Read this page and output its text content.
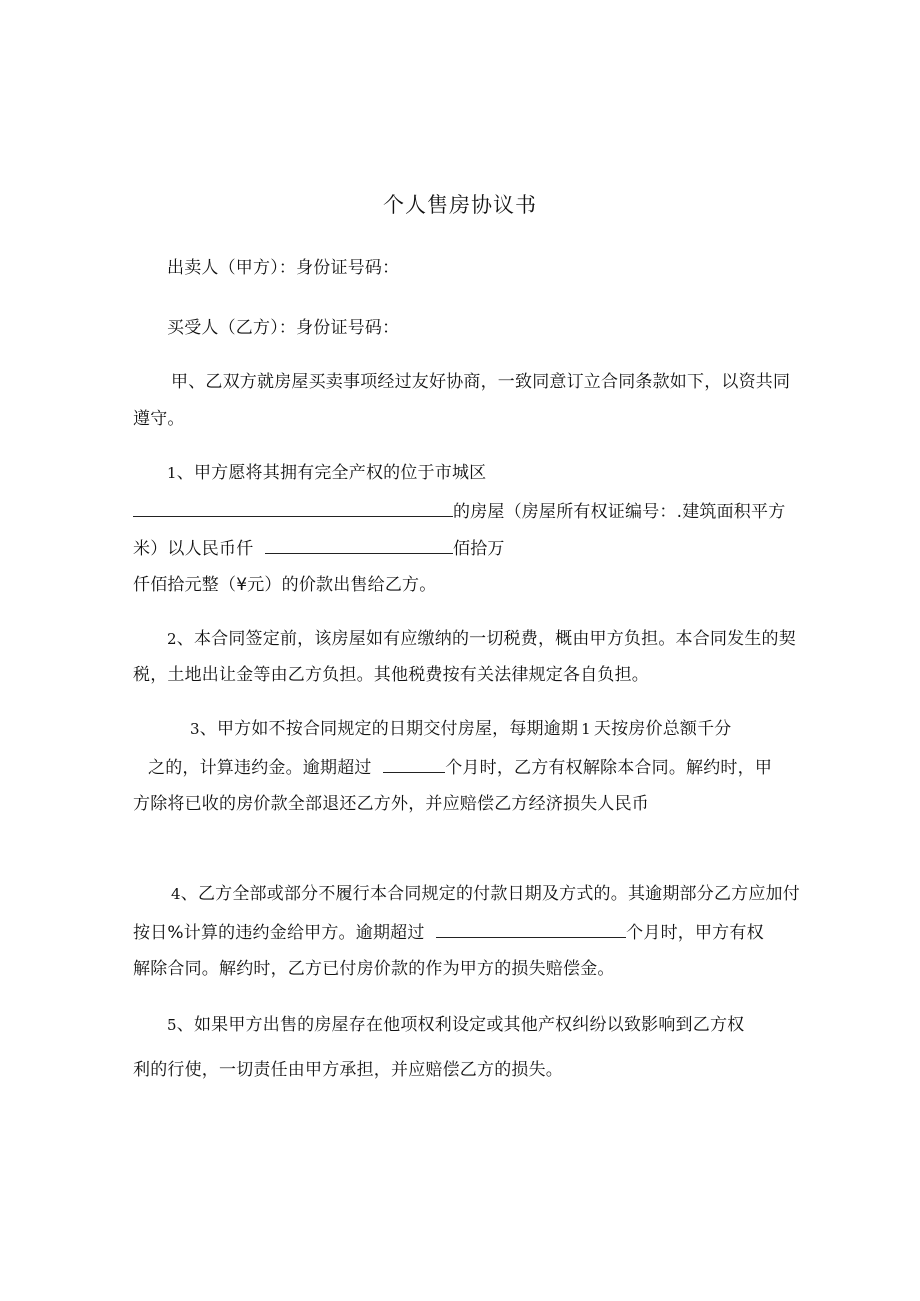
个人售房协议书
出卖人（甲方）：身份证号码：
买受人（乙方）：身份证号码：
甲、乙双方就房屋买卖事项经过友好协商，一致同意订立合同条款如下，以资共同
遵守。
1、甲方愿将其拥有完全产权的位于市城区
的房屋（房屋所有权证编号：.建筑面积平方
米）以人民币仟	佰拾万
仟佰拾元整（¥元）的价款出售给乙方。
2、本合同签定前，该房屋如有应缴纳的一切税费，概由甲方负担。本合同发生的契
税，土地出让金等由乙方负担。其他税费按有关法律规定各自负担。
3、甲方如不按合同规定的日期交付房屋，每期逾期 1 天按房价总额千分
之的，计算违约金。逾期超过	个月时，乙方有权解除本合同。解约时，甲
方除将已收的房价款全部退还乙方外，并应赔偿乙方经济损失人民币
4、乙方全部或部分不履行本合同规定的付款日期及方式的。其逾期部分乙方应加付
按日%计算的违约金给甲方。逾期超过	个月时，甲方有权
解除合同。解约时，乙方已付房价款的作为甲方的损失赔偿金。
5、如果甲方出售的房屋存在他项权利设定或其他产权纠纷以致影响到乙方权
利的行使，一切责任由甲方承担，并应赔偿乙方的损失。
